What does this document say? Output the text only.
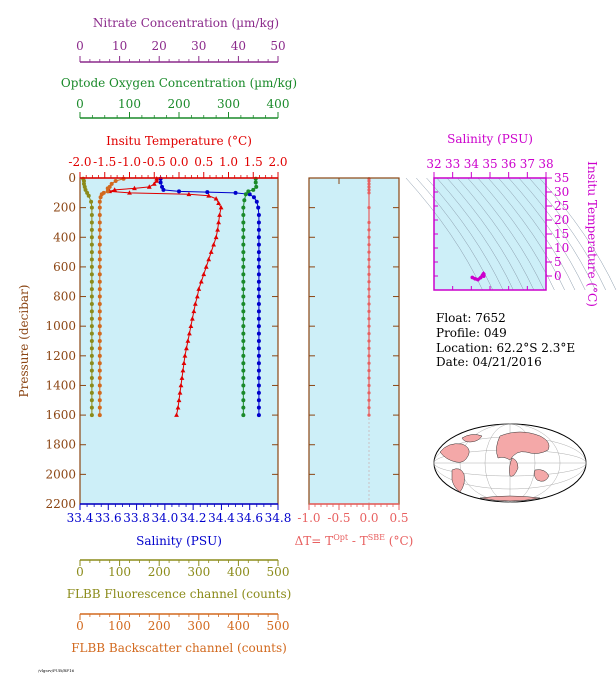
0 10 20 30 40 50
0	100 200 300 400
-2.0 -1.5 -1.0 -0.5 0.0 0.5 1.0 1.5 2.0
33.4 33.6 33.8 34.0 34.2 34.4 34.6 34.8
0 100 200 300 400 500
0 100 200 300 400 500
0
200
400
600
800
1000
1200
1400
1600
1800
2000
2200
-1.0 -0.5 0.0 0.5
32 33 34 35 36 37 38
0
5
10
15
20
25
30
35
Nitrate Concentration (µm/kg)
Optode Oxygen Concentration (µm/kg)
Insitu Temperature (°C)
Salinity (PSU)
FLBB Fluorescence channel (counts)
FLBB Backscatter channel (counts)
Pressure (decibar)
$\Delta T= T^{Opt} - T^{SBE}$ (°C)
Salinity (PSU)
Insitu Temperature (°C)
Float: 7652
Profile: 049
Location: 62.2°S 2.3°E
Date: 04/21/2016
/vlgsrv/PUB/RF16
